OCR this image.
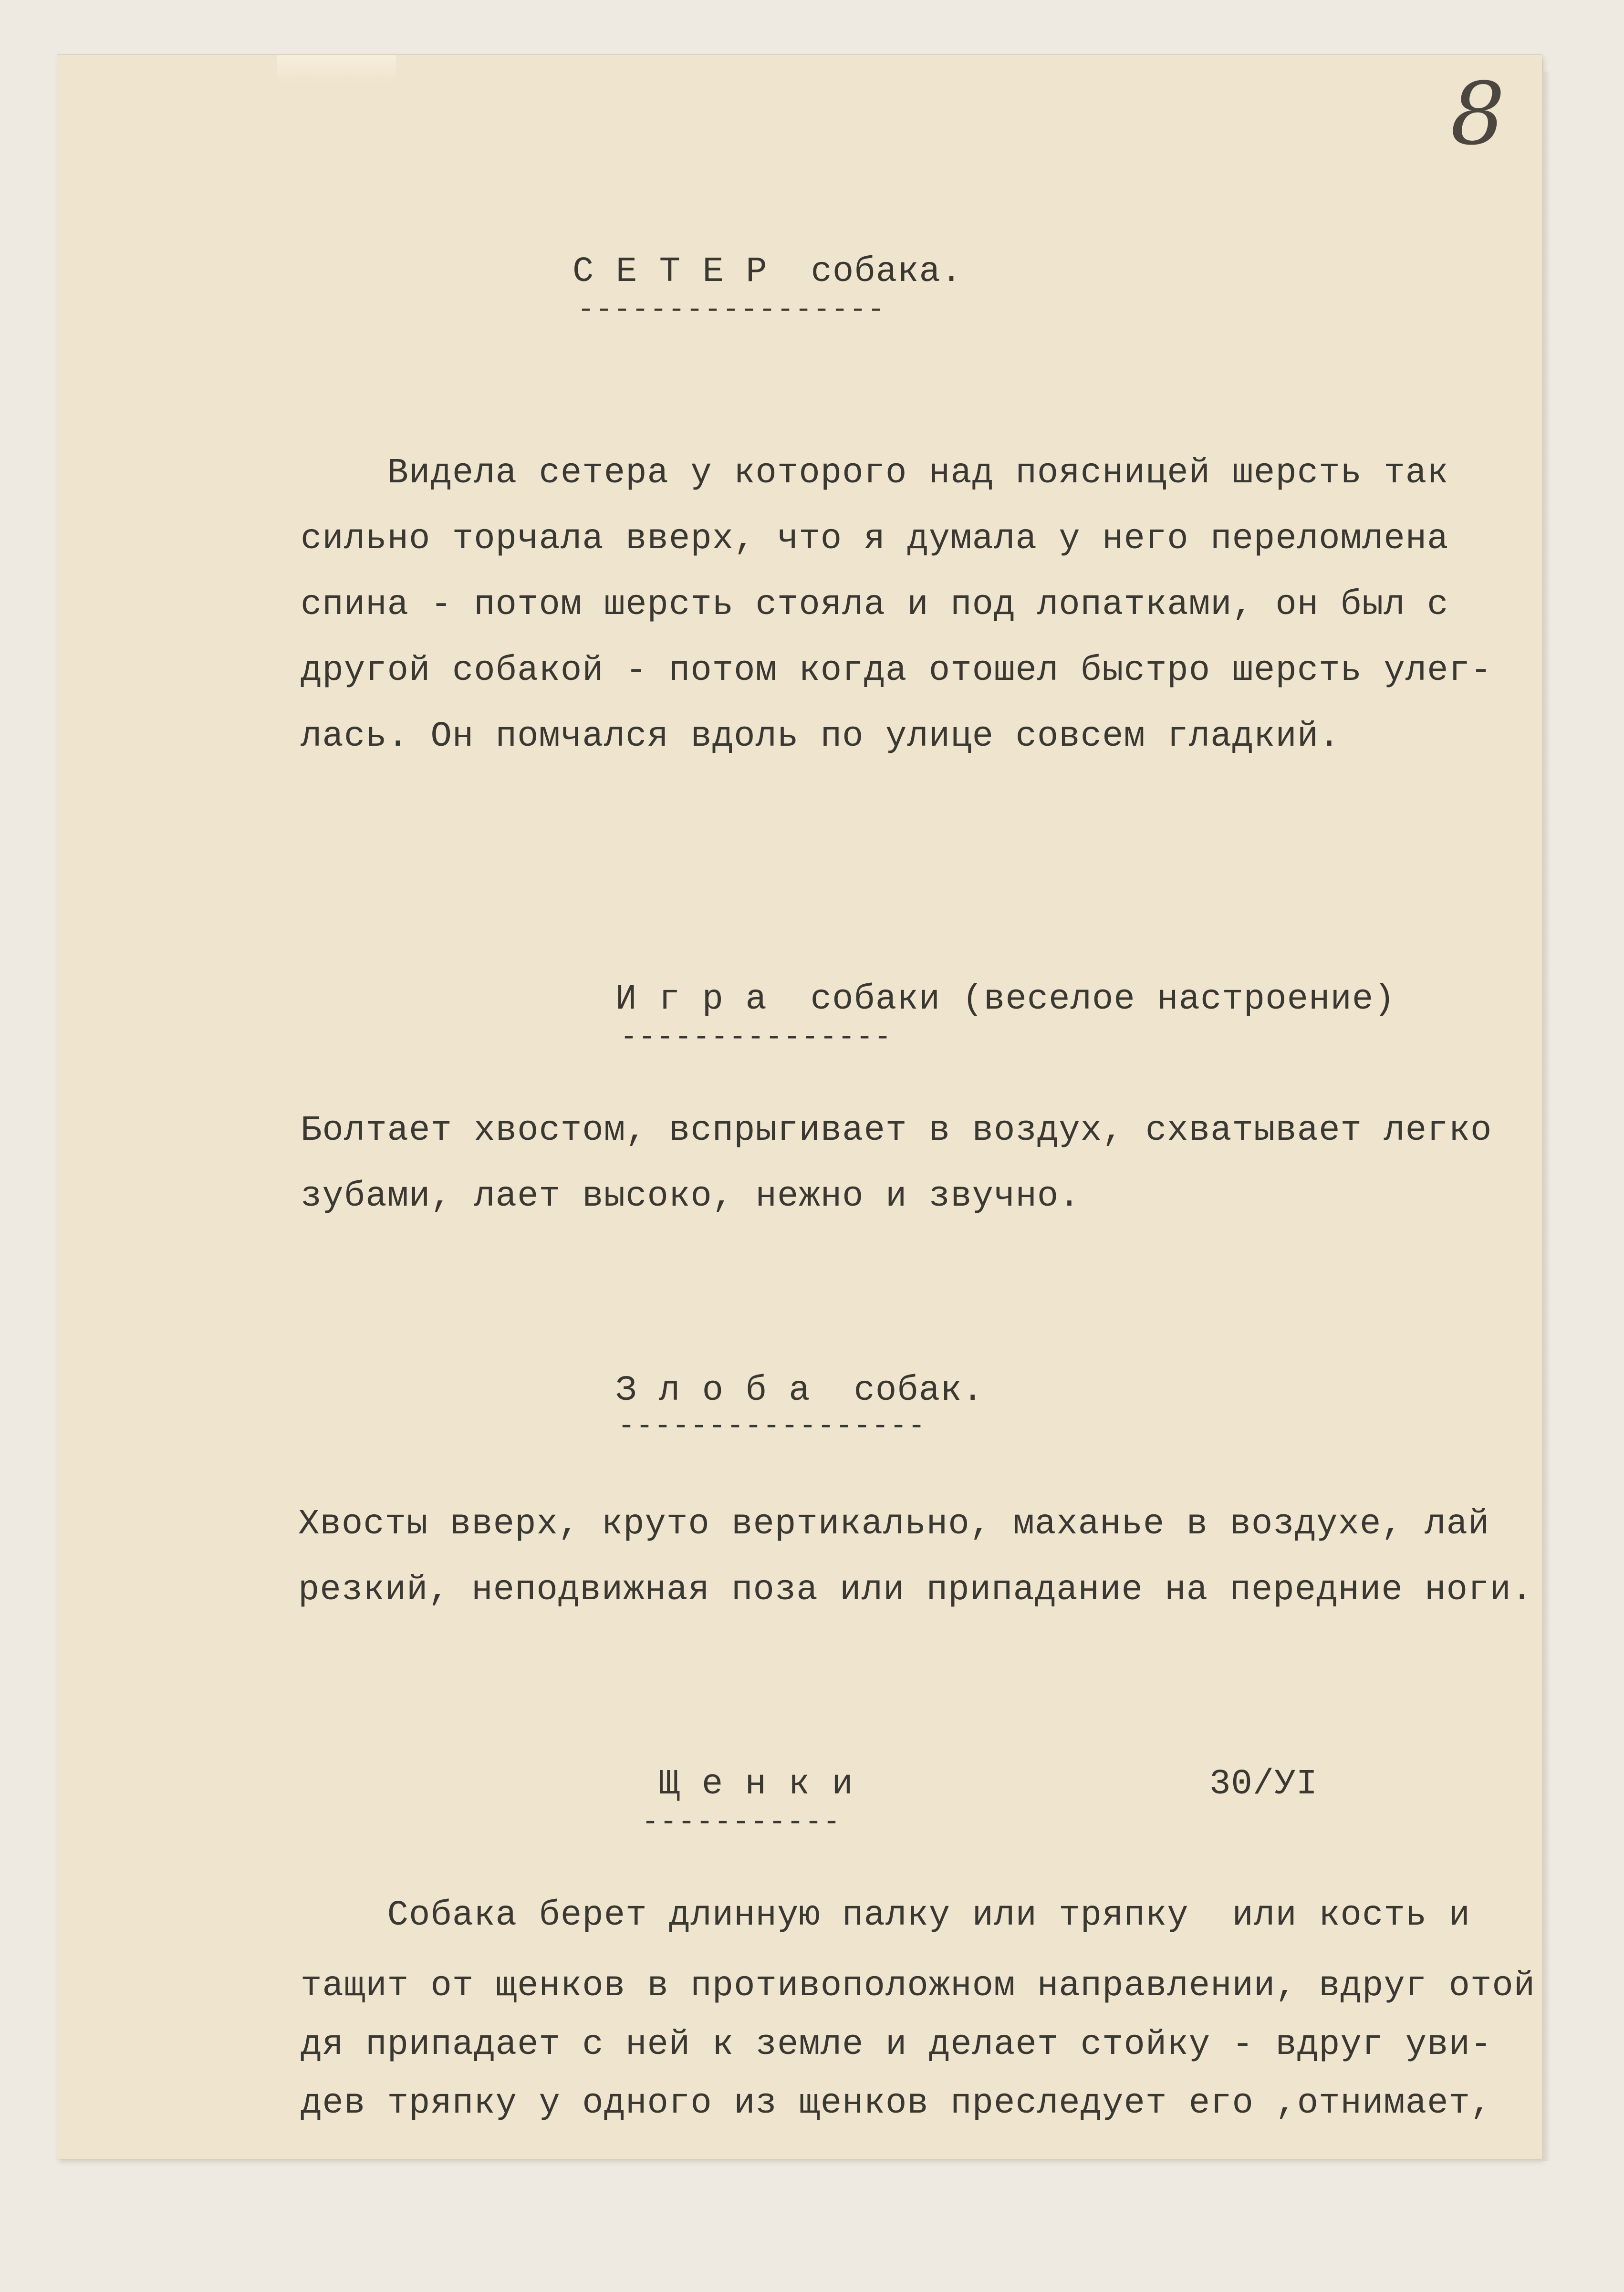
8
С Е Т Е Р  собака.
-----------------
Видела сетера у которого над поясницей шерсть так
сильно торчала вверх, что я думала у него переломлена
спина - потом шерсть стояла и под лопатками, он был с
другой собакой - потом когда отошел быстро шерсть улег-
лась. Он помчался вдоль по улице совсем гладкий.
И г р а  собаки (веселое настроение)
---------------
Болтает хвостом, вспрыгивает в воздух, схватывает легко
зубами, лает высоко, нежно и звучно.
З л о б а  собак.
-----------------
Хвосты вверх, круто вертикально, маханье в воздухе, лай
резкий, неподвижная поза или припадание на передние ноги.
Щ е н к и	30/УI
-----------
Собака берет длинную палку или тряпку  или кость и
тащит от щенков в противоположном направлении, вдруг отой
дя припадает с ней к земле и делает стойку - вдруг уви-
дев тряпку у одного из щенков преследует его ,отнимает,
